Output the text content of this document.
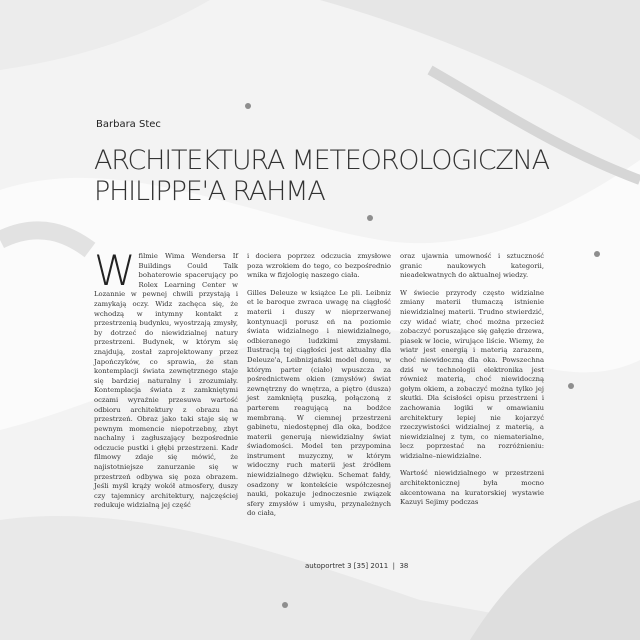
Barbara Stec
ARCHITEKTURA METEOROLOGICZNA
PHILIPPE'A RAHMA

W filmie Wima Wendersa If Buildings Could Talk bohaterowie spacerujący po Rolex Learning Center w Lozannie w pewnej chwili przystają i zamykają oczy. Widz zachęca się, że wchodzą w intymny kontakt z przestrzenią budynku, wyostrzają zmysły, by dotrzeć do niewidzialnej natury przestrzeni. Budynek, w którym się znajdują, został zaprojektowany przez Japończyków, co sprawia, że stan kontemplacji świata zewnętrznego staje się bardziej naturalny i zrozumiały. Kontemplacja świata z zamkniętymi oczami wyraźnie przesuwa wartość odbioru architektury z obrazu na przestrzeń. Obraz jako taki staje się w pewnym momencie niepotrzebny, zbyt nachalny i zagłuszający bezpośrednie odczucie pustki i głębi przestrzeni. Kadr filmowy zdaje się mówić, że najistotniejsze zanurzanie się w przestrzeń odbywa się poza obrazem. Jeśli myśl krąży wokół atmosfery, duszy czy tajemnicy architektury, najczęściej redukuje widzialną jej część

i dociera poprzez odczucia zmysłowe poza wzrokiem do tego, co bezpośrednio wnika w fizjologię naszego ciała.

Gilles Deleuze w książce Le pli. Leibniz et le baroque zwraca uwagę na ciągłość materii i duszy w nieprzerwanej kontynuacji porusz eń na poziomie świata widzialnego i niewidzialnego, odbieranego ludzkimi zmysłami. Ilustracją tej ciągłości jest aktualny dla Deleuze'a, Leibnizjański model domu, w którym parter (ciało) wpuszcza za pośrednictwem okien (zmysłów) świat zewnętrzny do wnętrza, a piętro (dusza) jest zamkniętą puszką, połączoną z parterem reagującą na bodźce membraną. W ciemnej przestrzeni gabinetu, niedostępnej dla oka, bodźce materii generują niewidzialny świat świadomości. Model ten przypomina instrument muzyczny, w którym widoczny ruch materii jest źródłem niewidzialnego dźwięku. Schemat fałdy, osadzony w kontekście współczesnej nauki, pokazuje jednoczesnie związek sfery zmysłów i umysłu, przynależnych do ciała,

oraz ujawnia umowność i sztuczność granic naukowych kategorii, nieadekwatnych do aktualnej wiedzy.

W świecie przyrody często widzialne zmiany materii tłumaczą istnienie niewidzialnej materii. Trudno stwierdzić, czy widać wiatr, choć można przecież zobaczyć poruszające się gałęzie drzewa, piasek w locie, wirujące liście. Wiemy, że wiatr jest energią i materią zarazem, choć niewidoczną dla oka. Powszechna dziś w technologii elektronika jest również materią, choć niewidoczną gołym okiem, a zobaczyć można tylko jej skutki. Dla ścisłości opisu przestrzeni i zachowania logiki w omawianiu architektury lepiej nie kojarzyć rzeczywistości widzialnej z materią, a niewidzialnej z tym, co niematerialne, lecz poprzestać na rozróżnieniu: widzialne–niewidzialne.

Wartość niewidzialnego w przestrzeni architektonicznej była mocno akcentowana na kuratorskiej wystawie Kazuyi Sejimy podczas

autoportret 3 [35] 2011  |  38
